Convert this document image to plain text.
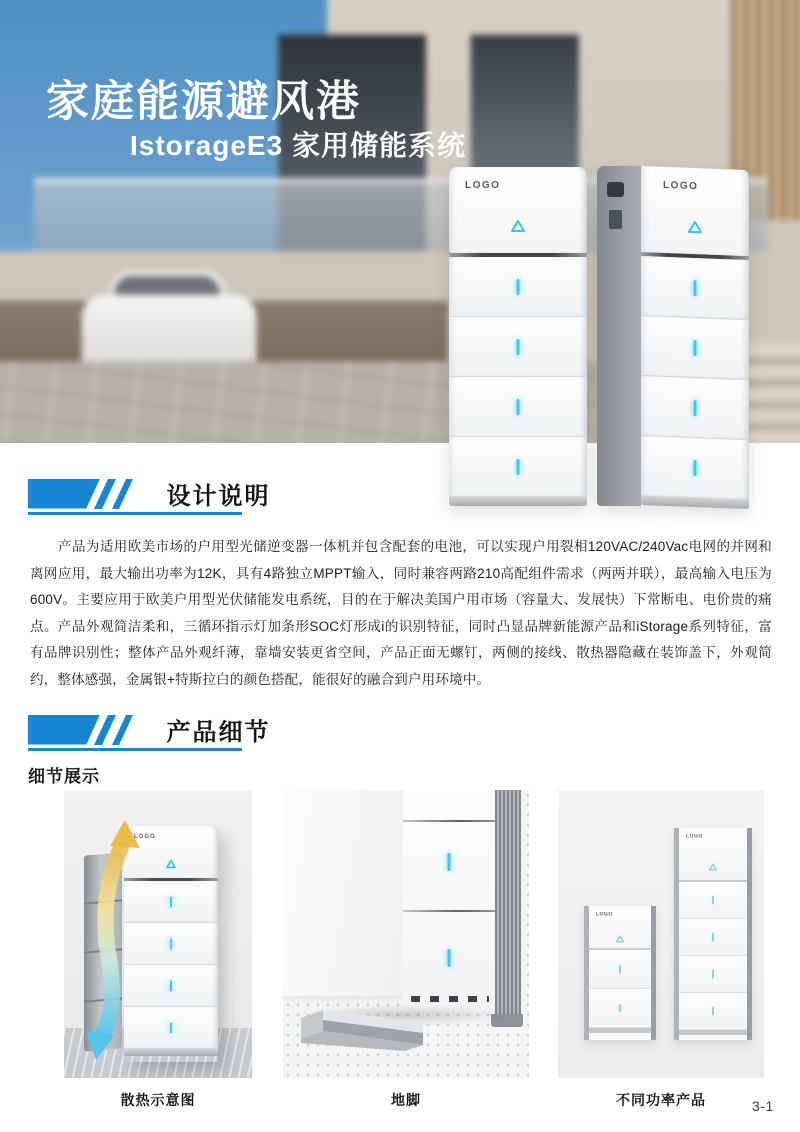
家庭能源避风港
IstorageE3 家用储能系统
LOGO	LOGO
设计说明

产品为适用欧美市场的户用型光储逆变器一体机并包含配套的电池，可以实现户用裂相120VAC/240Vac电网的并网和离网应用，最大输出功率为12K，具有4路独立MPPT输入，同时兼容两路210高配组件需求（两两并联），最高输入电压为600V。主要应用于欧美户用型光伏储能发电系统，目的在于解决美国户用市场（容量大、发展快）下常断电、电价贵的痛点。产品外观简洁柔和，三循环指示灯加条形SOC灯形成i的识别特征，同时凸显品牌新能源产品和iStorage系列特征，富有品牌识别性；整体产品外观纤薄，靠墙安装更省空间，产品正面无螺钉，两侧的接线、散热器隐藏在装饰盖下，外观简约，整体感强，金属银+特斯拉白的颜色搭配，能很好的融合到户用环境中。

产品细节
细节展示
LOGO
LOGO
LOGO
散热示意图	地脚	不同功率产品	3-1
